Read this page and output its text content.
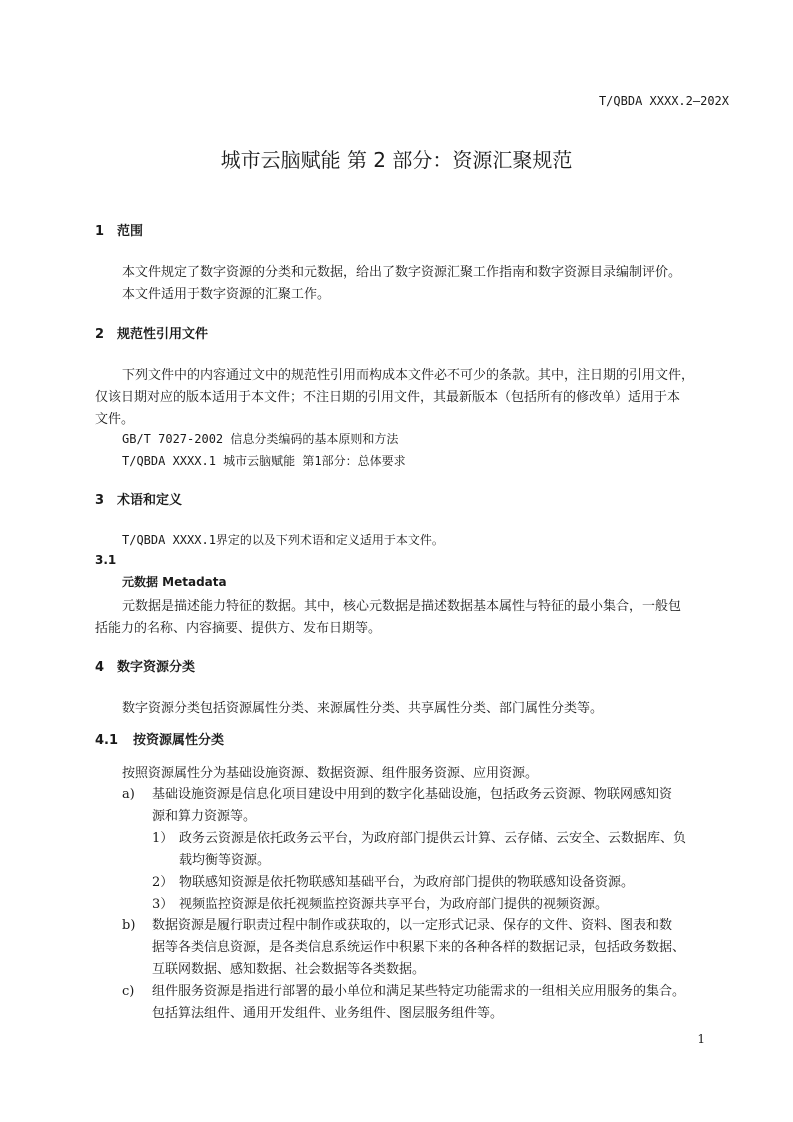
T/QBDA XXXX.2—202X
城市云脑赋能 第 2 部分：资源汇聚规范
1 范围
本文件规定了数字资源的分类和元数据，给出了数字资源汇聚工作指南和数字资源目录编制评价。
本文件适用于数字资源的汇聚工作。
2 规范性引用文件
下列文件中的内容通过文中的规范性引用而构成本文件必不可少的条款。其中，注日期的引用文件，
仅该日期对应的版本适用于本文件；不注日期的引用文件，其最新版本（包括所有的修改单）适用于本
文件。
GB/T 7027-2002 信息分类编码的基本原则和方法
T/QBDA XXXX.1 城市云脑赋能 第1部分：总体要求
3 术语和定义
T/QBDA XXXX.1界定的以及下列术语和定义适用于本文件。
3.1
元数据 Metadata
元数据是描述能力特征的数据。其中，核心元数据是描述数据基本属性与特征的最小集合，一般包
括能力的名称、内容摘要、提供方、发布日期等。
4 数字资源分类
数字资源分类包括资源属性分类、来源属性分类、共享属性分类、部门属性分类等。
4.1 按资源属性分类
按照资源属性分为基础设施资源、数据资源、组件服务资源、应用资源。
a) 基础设施资源是信息化项目建设中用到的数字化基础设施，包括政务云资源、物联网感知资
源和算力资源等。
1） 政务云资源是依托政务云平台，为政府部门提供云计算、云存储、云安全、云数据库、负
载均衡等资源。
2） 物联感知资源是依托物联感知基础平台，为政府部门提供的物联感知设备资源。
3） 视频监控资源是依托视频监控资源共享平台，为政府部门提供的视频资源。
b) 数据资源是履行职责过程中制作或获取的，以一定形式记录、保存的文件、资料、图表和数
据等各类信息资源，是各类信息系统运作中积累下来的各种各样的数据记录，包括政务数据、
互联网数据、感知数据、社会数据等各类数据。
c) 组件服务资源是指进行部署的最小单位和满足某些特定功能需求的一组相关应用服务的集合。
包括算法组件、通用开发组件、业务组件、图层服务组件等。
1
